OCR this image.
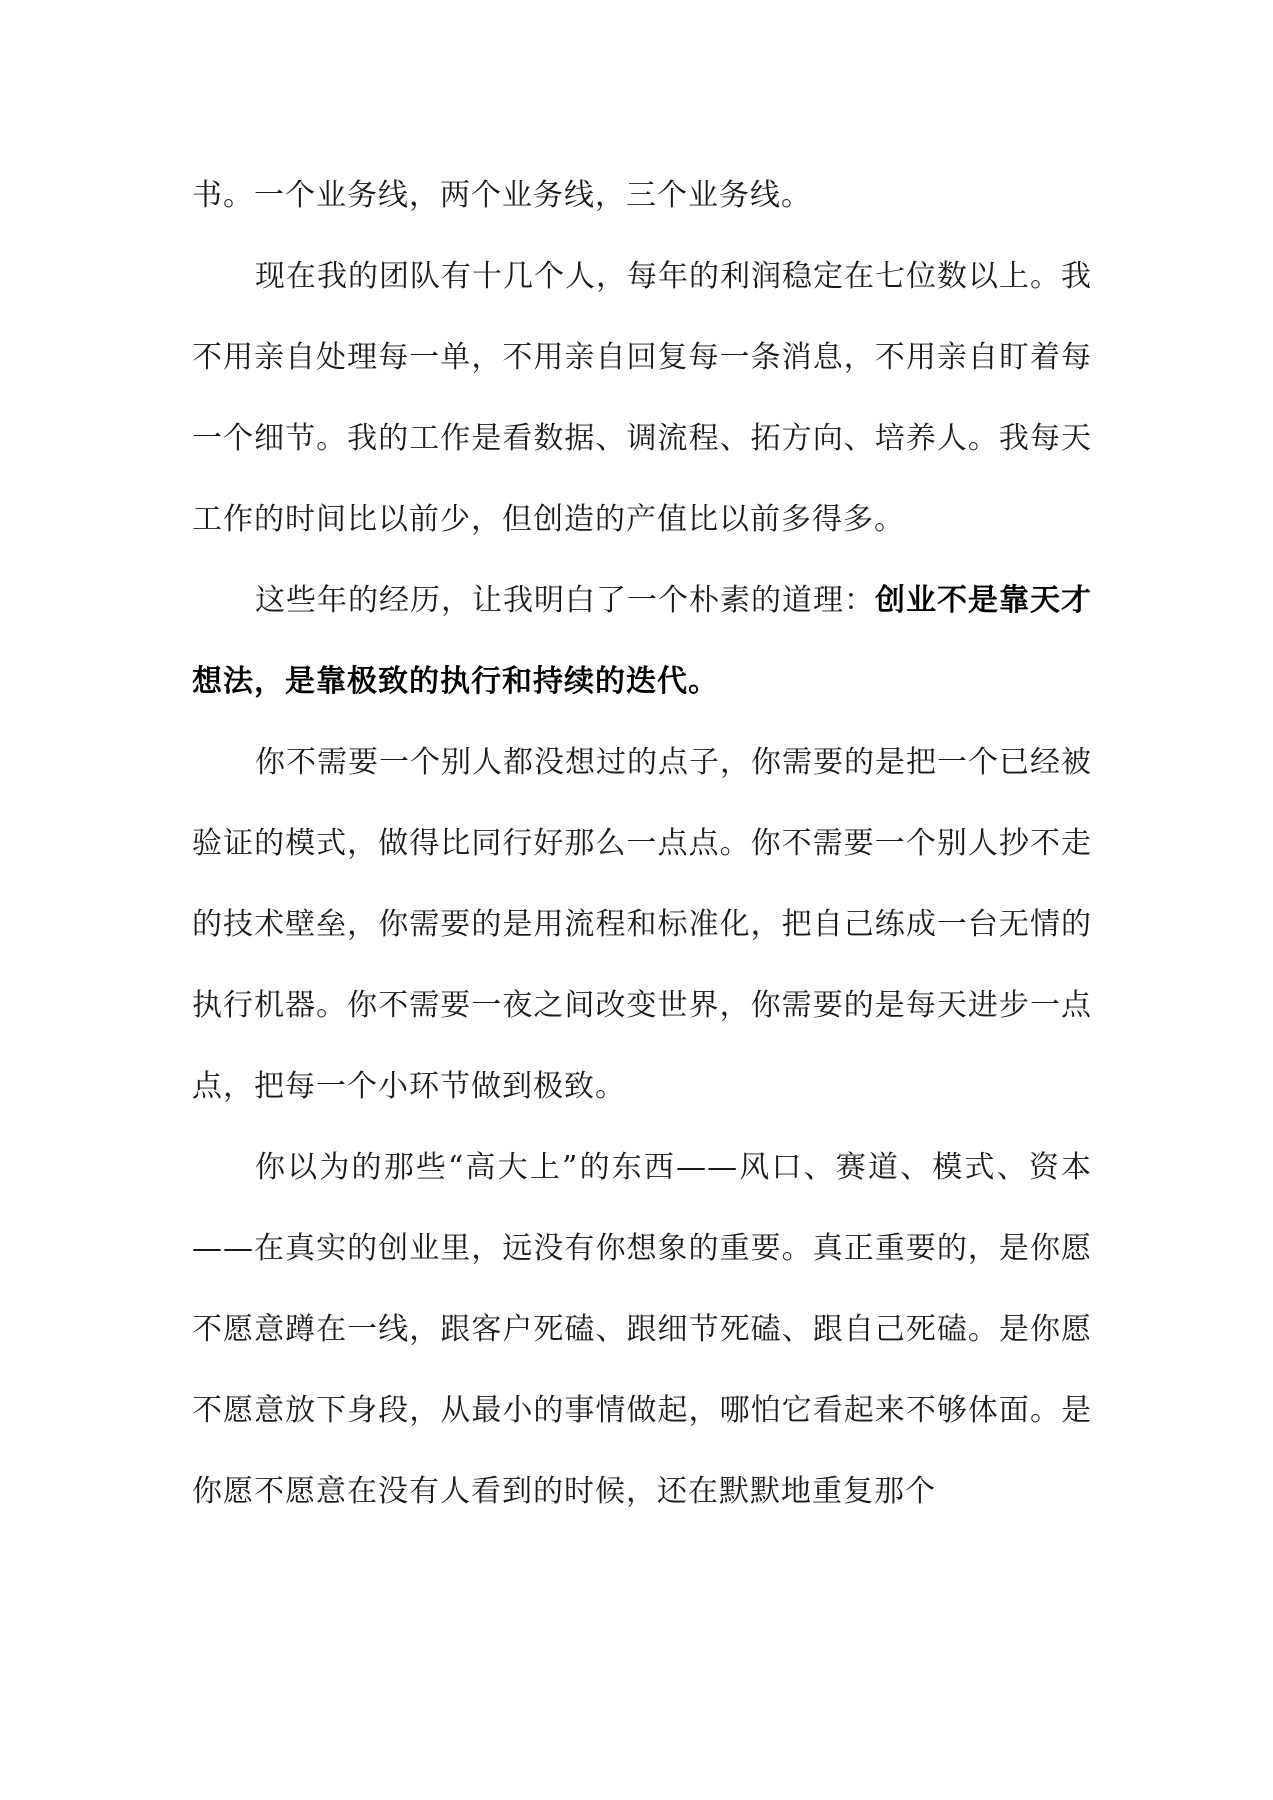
书。一个业务线，两个业务线，三个业务线。

现在我的团队有十几个人，每年的利润稳定在七位数以上。我不用亲自处理每一单，不用亲自回复每一条消息，不用亲自盯着每一个细节。我的工作是看数据、调流程、拓方向、培养人。我每天工作的时间比以前少，但创造的产值比以前多得多。

这些年的经历，让我明白了一个朴素的道理：创业不是靠天才想法，是靠极致的执行和持续的迭代。

你不需要一个别人都没想过的点子，你需要的是把一个已经被验证的模式，做得比同行好那么一点点。你不需要一个别人抄不走的技术壁垒，你需要的是用流程和标准化，把自己练成一台无情的执行机器。你不需要一夜之间改变世界，你需要的是每天进步一点点，把每一个小环节做到极致。

你以为的那些“高大上”的东西——风口、赛道、模式、资本——在真实的创业里，远没有你想象的重要。真正重要的，是你愿不愿意蹲在一线，跟客户死磕、跟细节死磕、跟自己死磕。是你愿不愿意放下身段，从最小的事情做起，哪怕它看起来不够体面。是你愿不愿意在没有人看到的时候，还在默默地重复那个
